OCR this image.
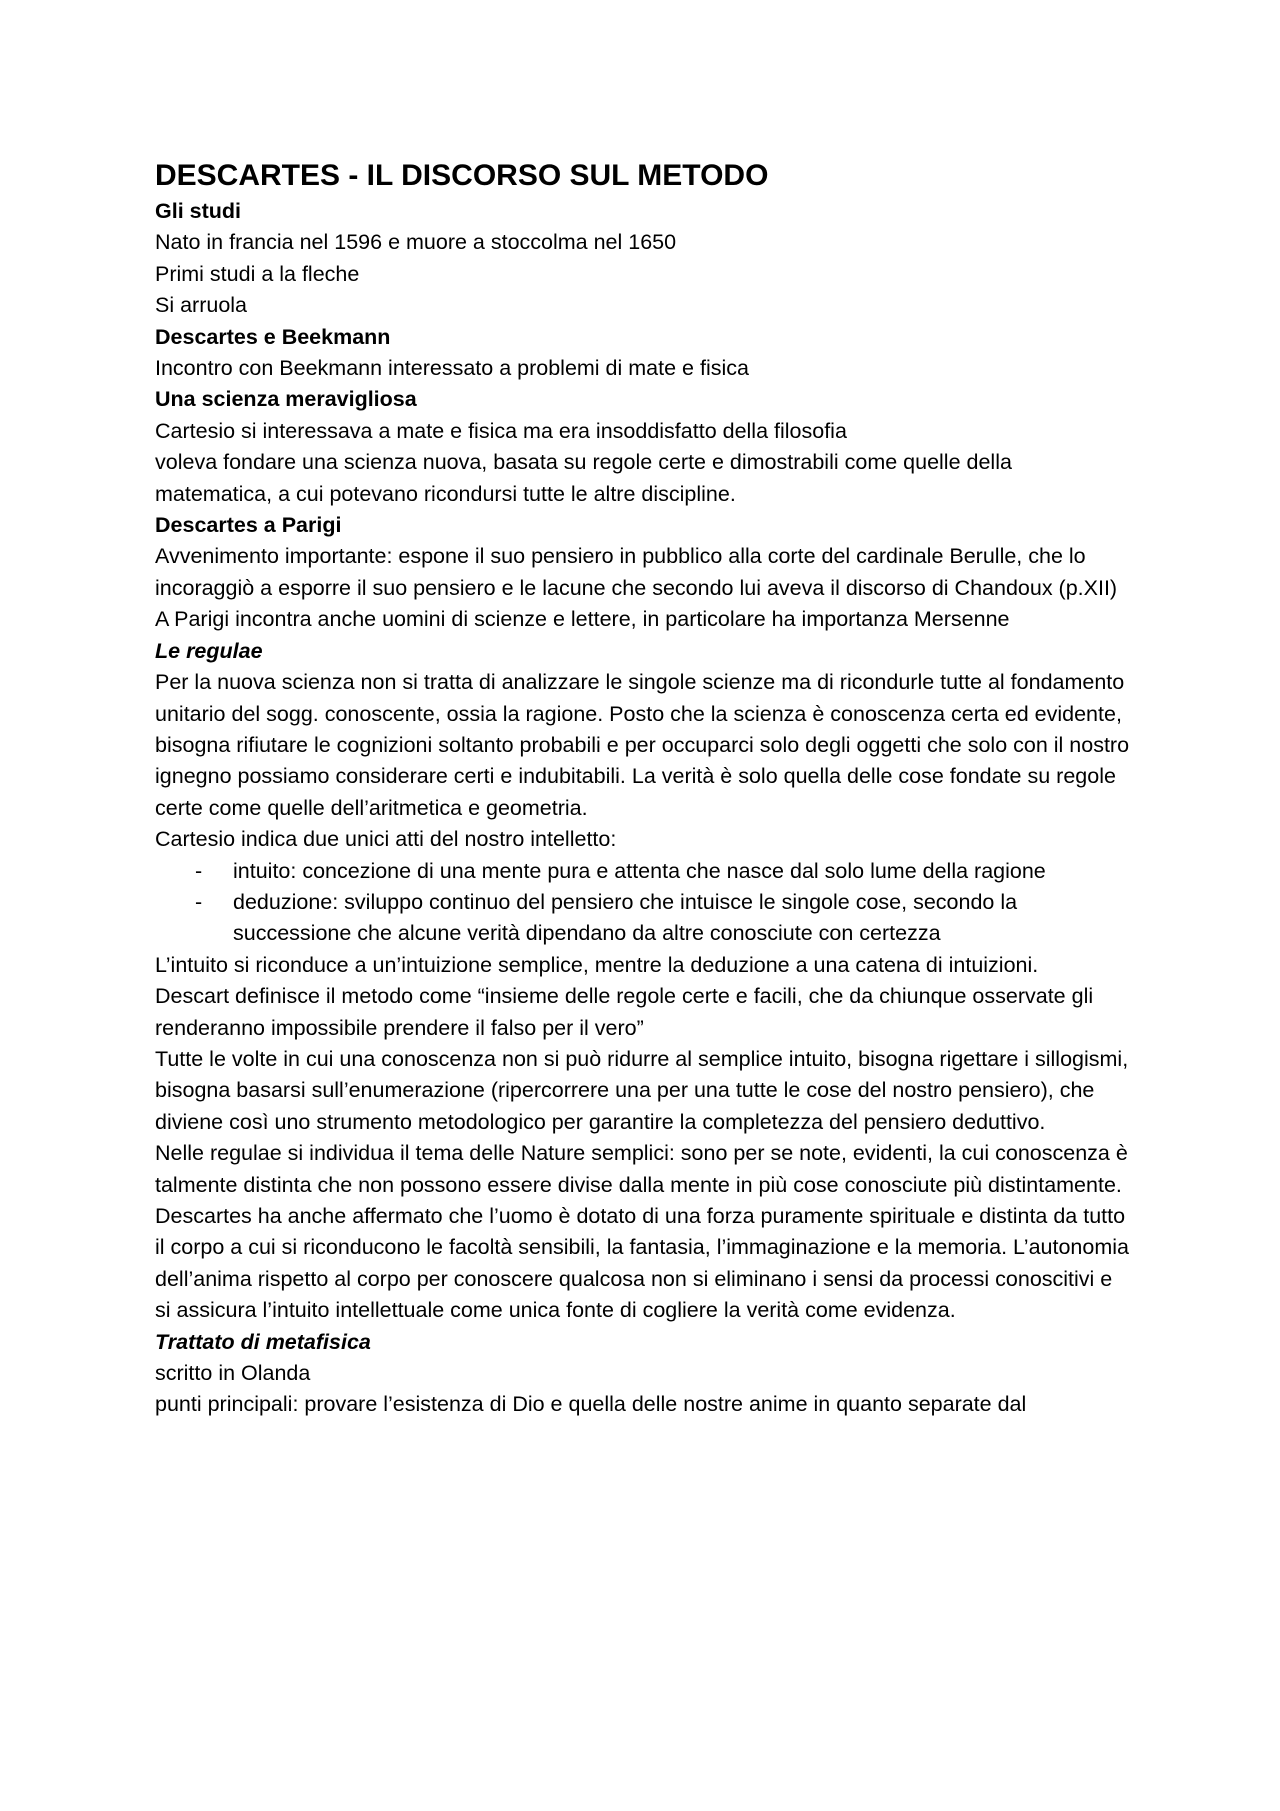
DESCARTES - IL DISCORSO SUL METODO
Gli studi

Nato in francia nel 1596 e muore a stoccolma nel 1650

Primi studi a la fleche

Si arruola

Descartes e Beekmann

Incontro con Beekmann interessato a problemi di mate e fisica

Una scienza meravigliosa

Cartesio si interessava a mate e fisica ma era insoddisfatto della filosofia

voleva fondare una scienza nuova, basata su regole certe e dimostrabili come quelle della matematica, a cui potevano ricondursi tutte le altre discipline.

Descartes a Parigi

Avvenimento importante: espone il suo pensiero in pubblico alla corte del cardinale Berulle, che lo incoraggiò a esporre il suo pensiero e le lacune che secondo lui aveva il discorso di Chandoux (p.XII)

A Parigi incontra anche uomini di scienze e lettere, in particolare ha importanza Mersenne

Le regulae

Per la nuova scienza non si tratta di analizzare le singole scienze ma di ricondurle tutte al fondamento unitario del sogg. conoscente, ossia la ragione. Posto che la scienza è conoscenza certa ed evidente, bisogna rifiutare le cognizioni soltanto probabili e per occuparci solo degli oggetti che solo con il nostro ignegno possiamo considerare certi e indubitabili. La verità è solo quella delle cose fondate su regole certe come quelle dell’aritmetica e geometria.

Cartesio indica due unici atti del nostro intelletto:

- intuito: concezione di una mente pura e attenta che nasce dal solo lume della ragione
- deduzione: sviluppo continuo del pensiero che intuisce le singole cose, secondo la successione che alcune verità dipendano da altre conosciute con certezza

L’intuito si riconduce a un’intuizione semplice, mentre la deduzione a una catena di intuizioni.

Descart definisce il metodo come “insieme delle regole certe e facili, che da chiunque osservate gli renderanno impossibile prendere il falso per il vero”

Tutte le volte in cui una conoscenza non si può ridurre al semplice intuito, bisogna rigettare i sillogismi, bisogna basarsi sull’enumerazione (ripercorrere una per una tutte le cose del nostro pensiero), che diviene così uno strumento metodologico per garantire la completezza del pensiero deduttivo.

Nelle regulae si individua il tema delle Nature semplici: sono per se note, evidenti, la cui conoscenza è talmente distinta che non possono essere divise dalla mente in più cose conosciute più distintamente.

Descartes ha anche affermato che l’uomo è dotato di una forza puramente spirituale e distinta da tutto il corpo a cui si riconducono le facoltà sensibili, la fantasia, l’immaginazione e la memoria. L’autonomia dell’anima rispetto al corpo per conoscere qualcosa non si eliminano i sensi da processi conoscitivi e si assicura l’intuito intellettuale come unica fonte di cogliere la verità come evidenza.

Trattato di metafisica

scritto in Olanda

punti principali: provare l’esistenza di Dio e quella delle nostre anime in quanto separate dal
